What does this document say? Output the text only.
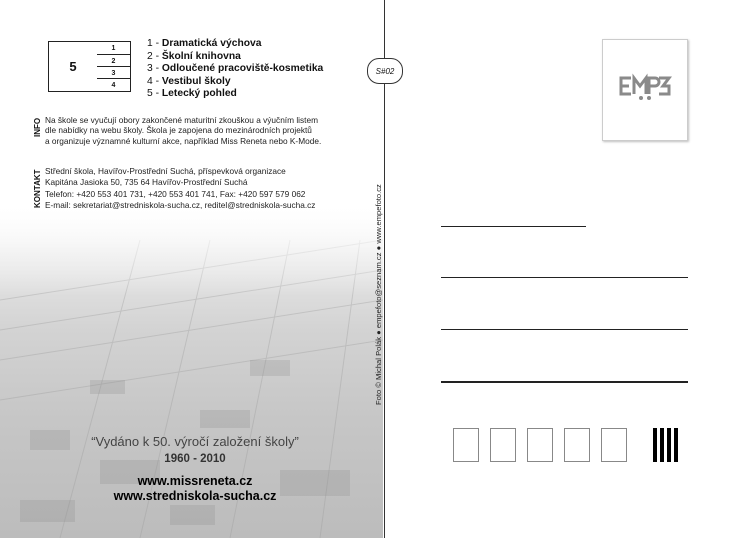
5
1
2
3
4
1 - Dramatická výchova
2 - Školní knihovna
3 - Odloučené pracoviště-kosmetika
4 - Vestibul školy
5 - Letecký pohled
INFO Na škole se vyučují obory zakončené maturitní zkouškou a výučním listem
dle nabídky na webu školy. Škola je zapojena do mezinárodních projektů
a organizuje významné kulturní akce, například Miss Reneta nebo K-Mode.
KONTAKT Střední škola, Havířov-Prostřední Suchá, příspevková organizace
Kapitána Jasioka 50, 735 64 Havířov-Prostřední Suchá
Telefon: +420 553 401 731, +420 553 401 741, Fax: +420 597 579 062
E-mail: sekretariat@stredniskola-sucha.cz, reditel@stredniskola-sucha.cz
“Vydáno k 50. výročí založení školy”
1960 - 2010
www.missreneta.cz
www.stredniskola-sucha.cz
S#02
Foto © Michal Polák ● empefoto@seznam.cz ● www.empefoto.cz
